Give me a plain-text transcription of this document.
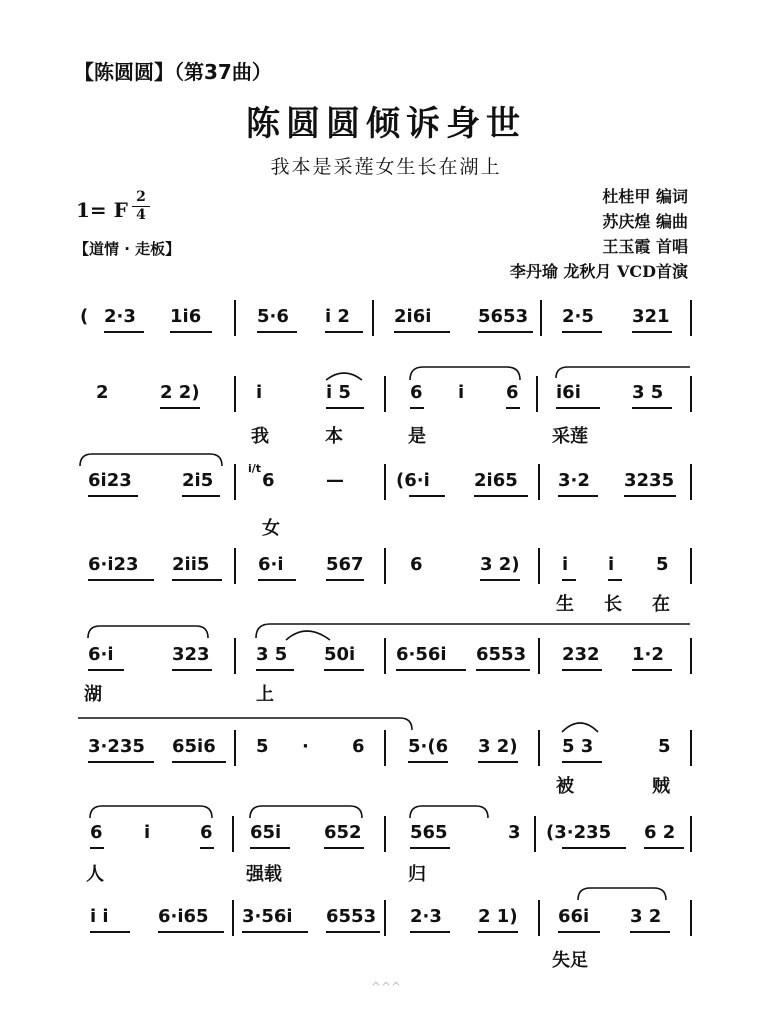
【陈圆圆】（第37曲）
陈圆圆倾诉身世
我本是采莲女生长在湖上
1= F
2
4
【道情 · 走板】
杜桂甲 编词
苏庆煌 编曲
王玉霞 首唱
李丹瑜 龙秋月 VCD首演
( 2·3 1i6	5·6 i 2 2i6i	5653 2·5 321
2	2 2)	i	i 5	6 i 6 i6i	3 5
我	本	是	采莲
6i23	2i5
i/t
6	—	(6·i 2i65 3·2 3235
女
6·i23 2ii5	6·i 567	6	3 2) i i 5
生 长 在
6·i	323	3 5 50i 6·56i 6553 232 1·2
湖	上
3·235 65i6 5 · 6 5·(6 3 2) 5 3	5
被	贼
6 i	6 65i 652	565	3 (3·235 6 2
人	强载	归
i i	6·i65 3·56i 6553 2·3 2 1) 66i 3 2
失足
^^^
